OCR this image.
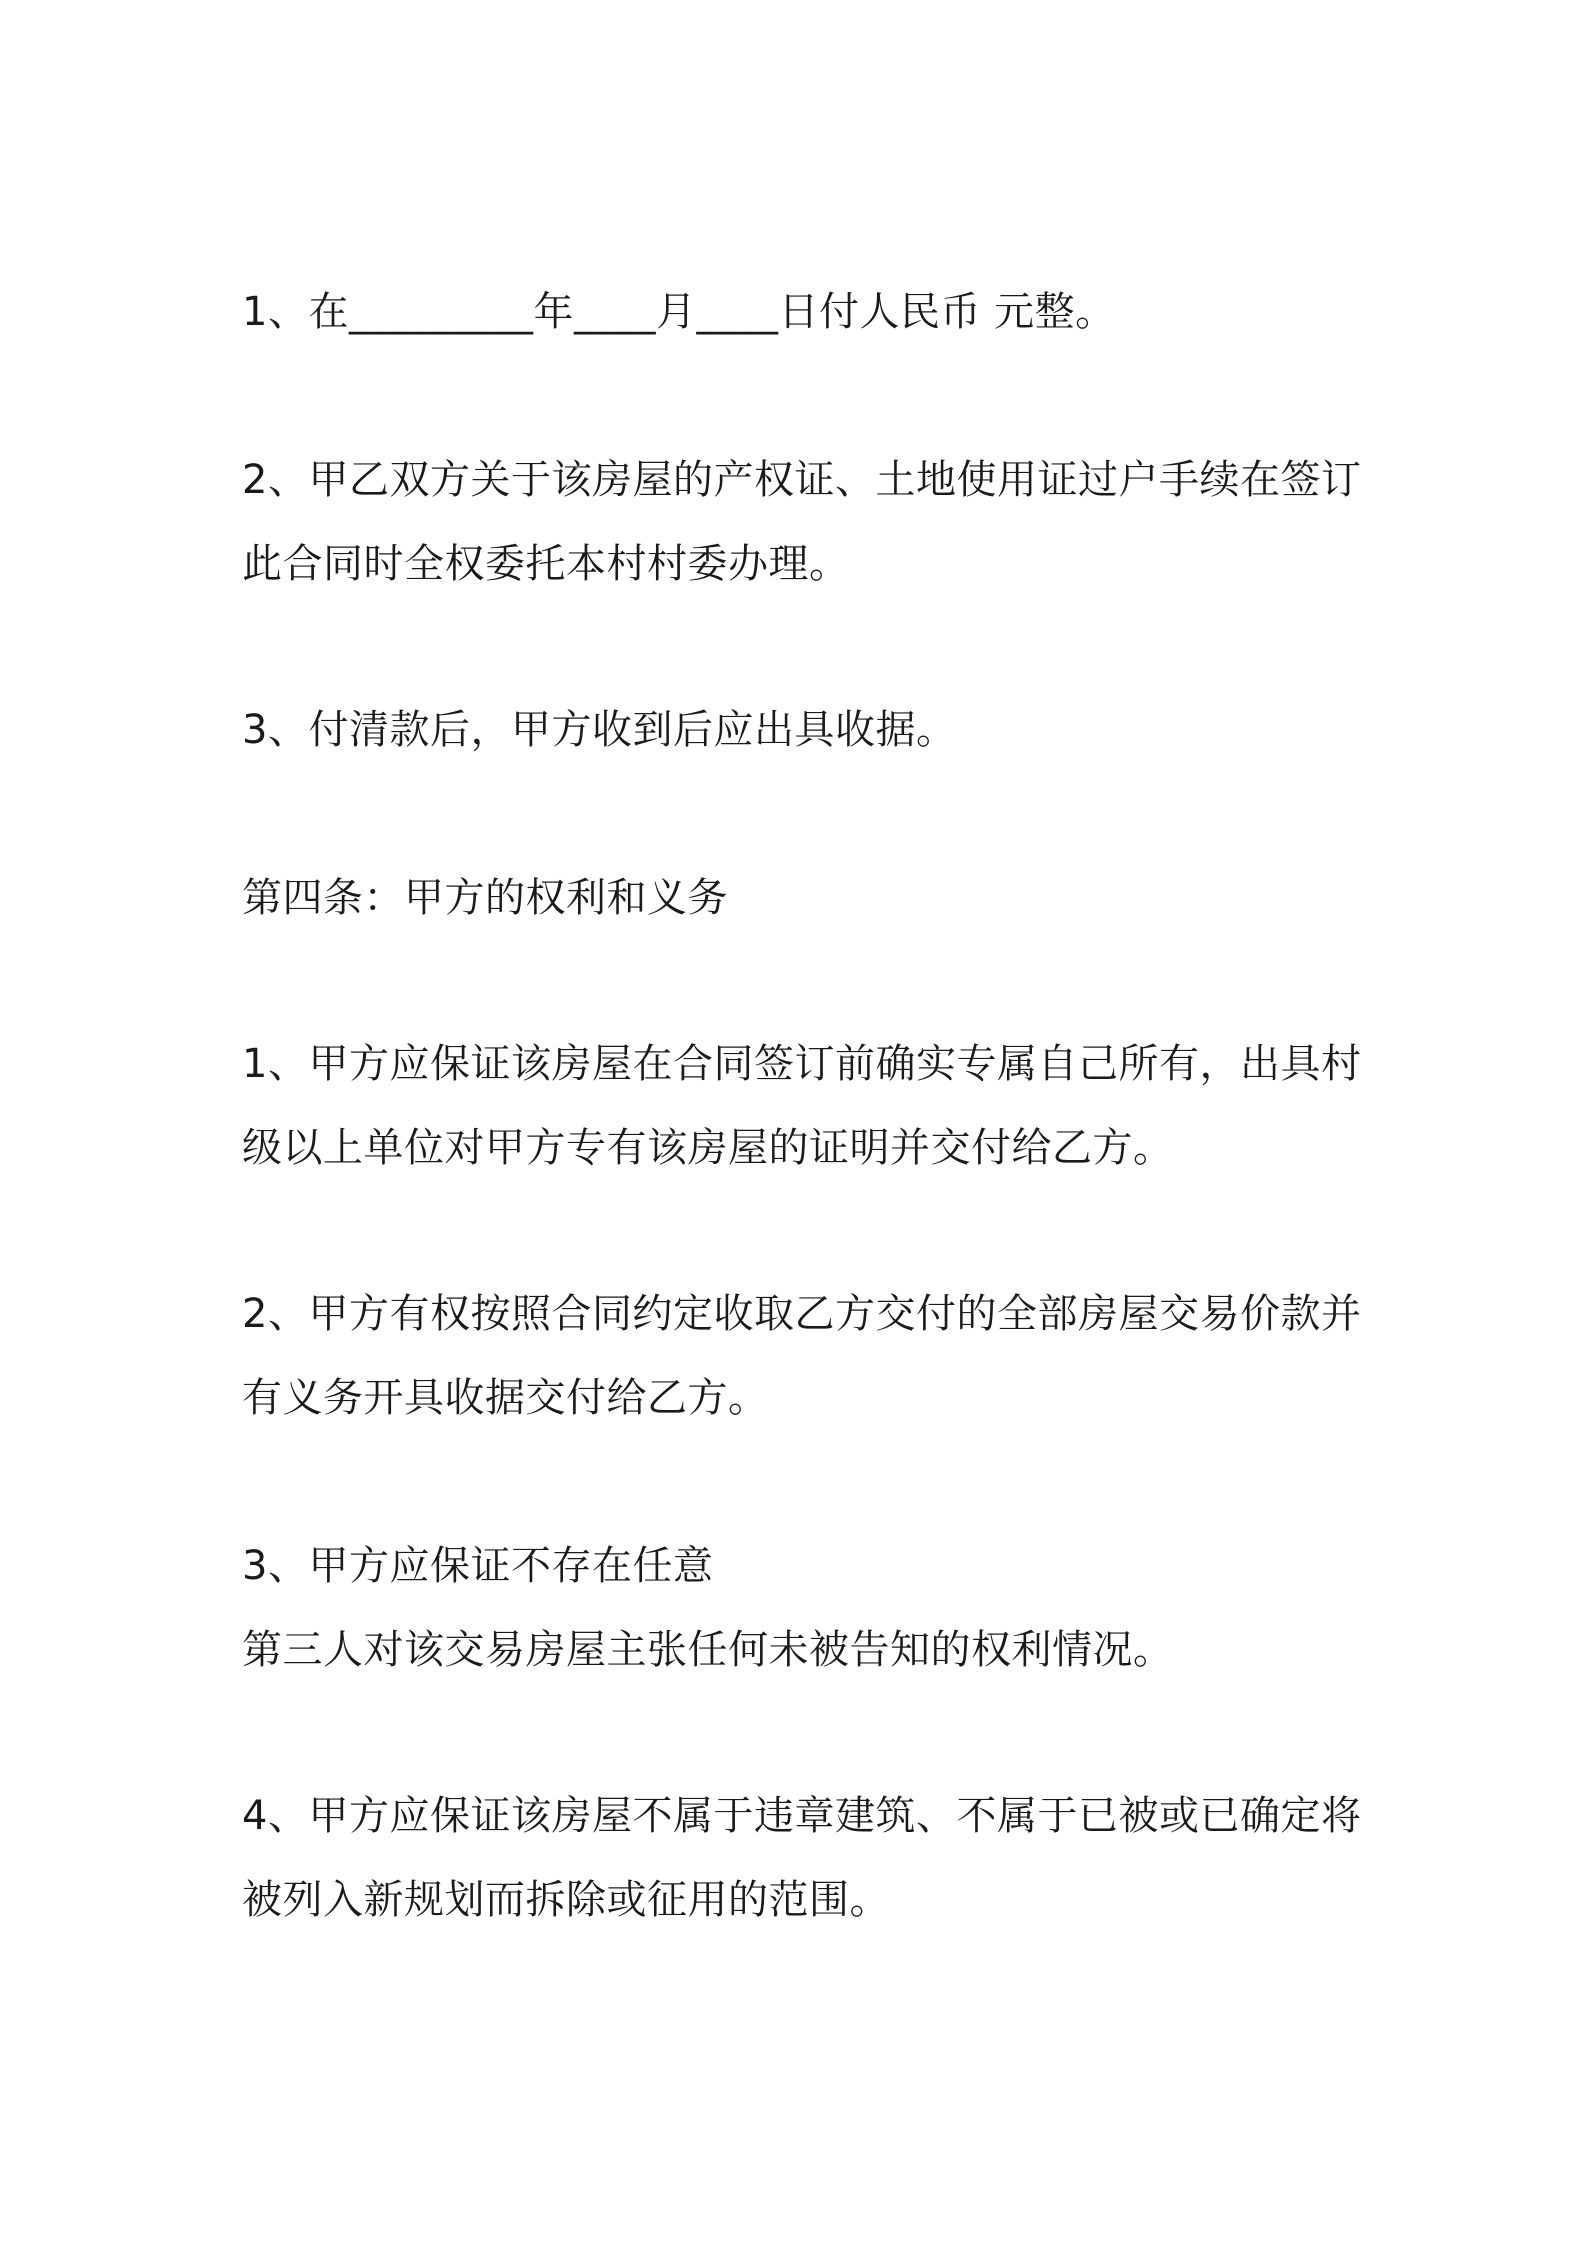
1、在_________年____月____日付人民币 元整。

2、甲乙双方关于该房屋的产权证、土地使用证过户手续在签订
此合同时全权委托本村村委办理。

3、付清款后，甲方收到后应出具收据。

第四条：甲方的权利和义务

1、甲方应保证该房屋在合同签订前确实专属自己所有，出具村
级以上单位对甲方专有该房屋的证明并交付给乙方。

2、甲方有权按照合同约定收取乙方交付的全部房屋交易价款并
有义务开具收据交付给乙方。

3、甲方应保证不存在任意
第三人对该交易房屋主张任何未被告知的权利情况。

4、甲方应保证该房屋不属于违章建筑、不属于已被或已确定将
被列入新规划而拆除或征用的范围。
